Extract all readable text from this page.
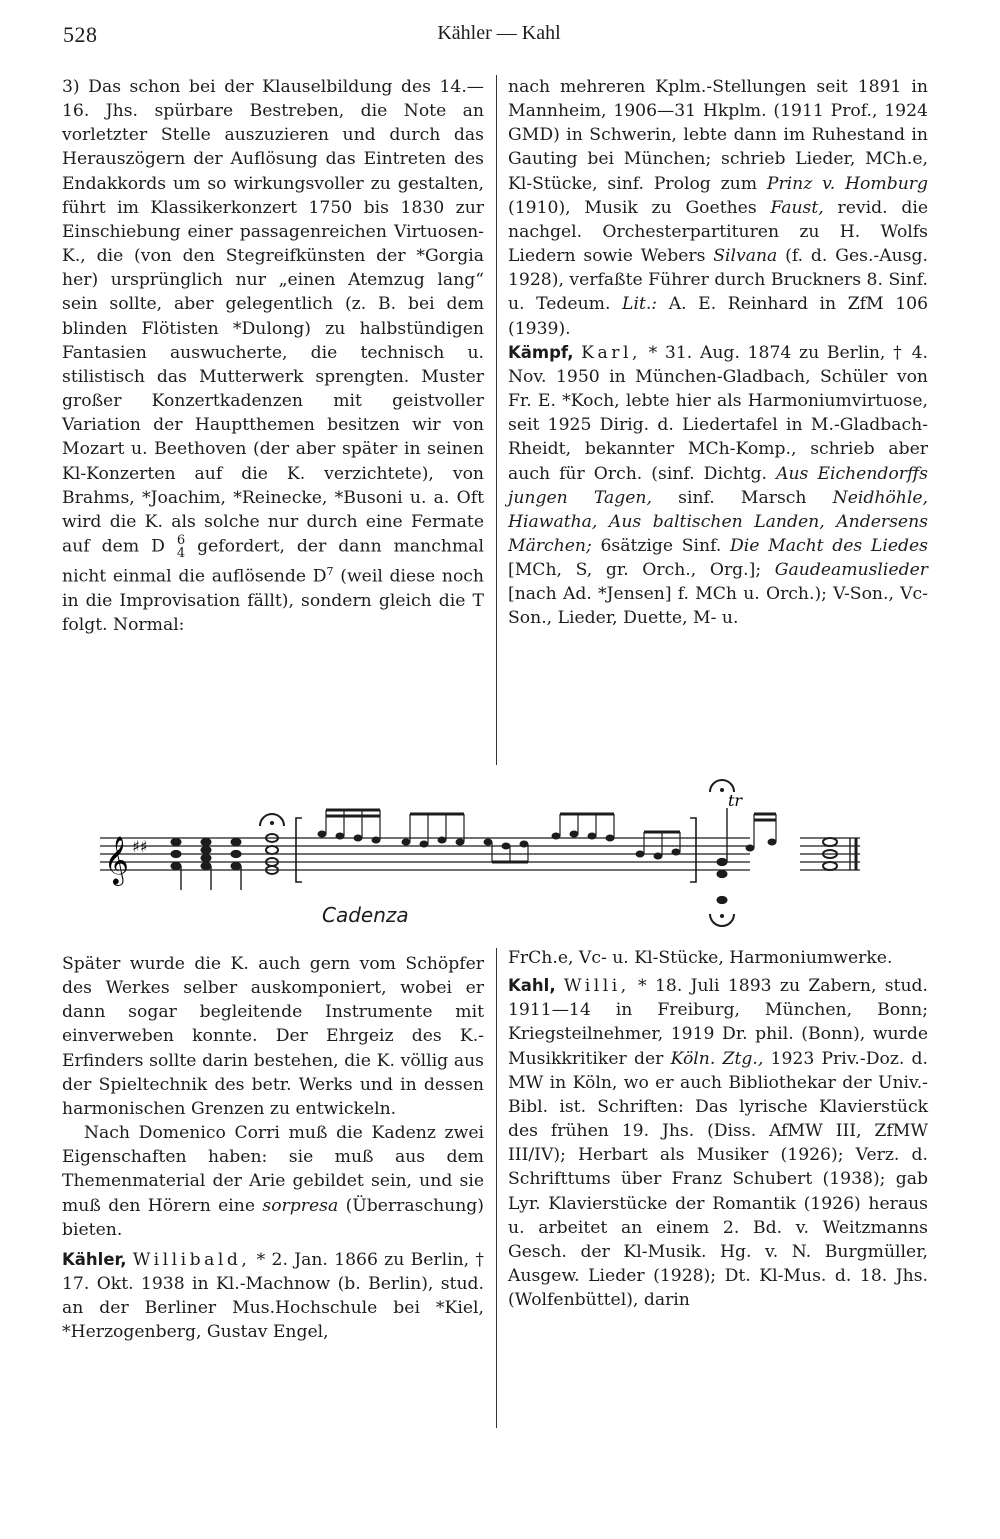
528	Kähler — Kahl

3) Das schon bei der Klauselbildung des 14.—16. Jhs. spürbare Bestreben, die Note an vorletzter Stelle auszuzieren und durch das Herauszögern der Auflösung das Eintreten des Endakkords um so wirkungsvoller zu gestalten, führt im Klassikerkonzert 1750 bis 1830 zur Einschiebung einer passagenreichen Virtuosen-K., die (von den Stegreifkünsten der *Gorgia her) ursprünglich nur „einen Atemzug lang“ sein sollte, aber gelegentlich (z. B. bei dem blinden Flötisten *Dulong) zu halbstündigen Fantasien auswucherte, die technisch u. stilistisch das Mutterwerk sprengten. Muster großer Konzertkadenzen mit geistvoller Variation der Hauptthemen besitzen wir von Mozart u. Beethoven (der aber später in seinen Kl-Konzerten auf die K. verzichtete), von Brahms, *Joachim, *Reinecke, *Busoni u. a. Oft wird die K. als solche nur durch eine Fermate auf dem D 6
4 gefordert, der dann manchmal nicht einmal die auflösende $D^7$ (weil diese noch in die Improvisation fällt), sondern gleich die T folgt. Normal:

nach mehreren Kplm.-Stellungen seit 1891 in Mannheim, 1906—31 Hkplm. (1911 Prof., 1924 GMD) in Schwerin, lebte dann im Ruhestand in Gauting bei München; schrieb Lieder, MCh.e, Kl-Stücke, sinf. Prolog zum Prinz v. Homburg (1910), Musik zu Goethes Faust, revid. die nachgel. Orchesterpartituren zu H. Wolfs Liedern sowie Webers Silvana (f. d. Ges.-Ausg. 1928), verfaßte Führer durch Bruckners 8. Sinf. u. Tedeum. Lit.: A. E. Reinhard in ZfM 106 (1939).

Kämpf, Karl, * 31. Aug. 1874 zu Berlin, † 4. Nov. 1950 in München-Gladbach, Schüler von Fr. E. *Koch, lebte hier als Harmoniumvirtuose, seit 1925 Dirig. d. Liedertafel in M.-Gladbach-Rheidt, bekannter MCh-Komp., schrieb aber auch für Orch. (sinf. Dichtg. Aus Eichendorffs jungen Tagen, sinf. Marsch Neidhöhle, Hiawatha, Aus baltischen Landen, Andersens Märchen; 6sätzige Sinf. Die Macht des Liedes [MCh, S, gr. Orch., Org.]; Gaudeamuslieder [nach Ad. *Jensen] f. MCh u. Orch.); V-Son., Vc-Son., Lieder, Duette, M- u.

𝄞 ♯♯
tr
Cadenza

Später wurde die K. auch gern vom Schöpfer des Werkes selber auskomponiert, wobei er dann sogar begleitende Instrumente mit einverweben konnte. Der Ehrgeiz des K.-Erfinders sollte darin bestehen, die K. völlig aus der Spieltechnik des betr. Werks und in dessen harmonischen Grenzen zu entwickeln.

Nach Domenico Corri muß die Kadenz zwei Eigenschaften haben: sie muß aus dem Themenmaterial der Arie gebildet sein, und sie muß den Hörern eine sorpresa (Überraschung) bieten.

Kähler, Willibald, * 2. Jan. 1866 zu Berlin, † 17. Okt. 1938 in Kl.-Machnow (b. Berlin), stud. an der Berliner Mus.Hochschule bei *Kiel, *Herzogenberg, Gustav Engel,

FrCh.e, Vc- u. Kl-Stücke, Harmoniumwerke.

Kahl, Willi, * 18. Juli 1893 zu Zabern, stud. 1911—14 in Freiburg, München, Bonn; Kriegsteilnehmer, 1919 Dr. phil. (Bonn), wurde Musikkritiker der Köln. Ztg., 1923 Priv.-Doz. d. MW in Köln, wo er auch Bibliothekar der Univ.-Bibl. ist. Schriften: Das lyrische Klavierstück des frühen 19. Jhs. (Diss. AfMW III, ZfMW III/IV); Herbart als Musiker (1926); Verz. d. Schrifttums über Franz Schubert (1938); gab Lyr. Klavierstücke der Romantik (1926) heraus u. arbeitet an einem 2. Bd. v. Weitzmanns Gesch. der Kl-Musik. Hg. v. N. Burgmüller, Ausgew. Lieder (1928); Dt. Kl-Mus. d. 18. Jhs. (Wolfenbüttel), darin
